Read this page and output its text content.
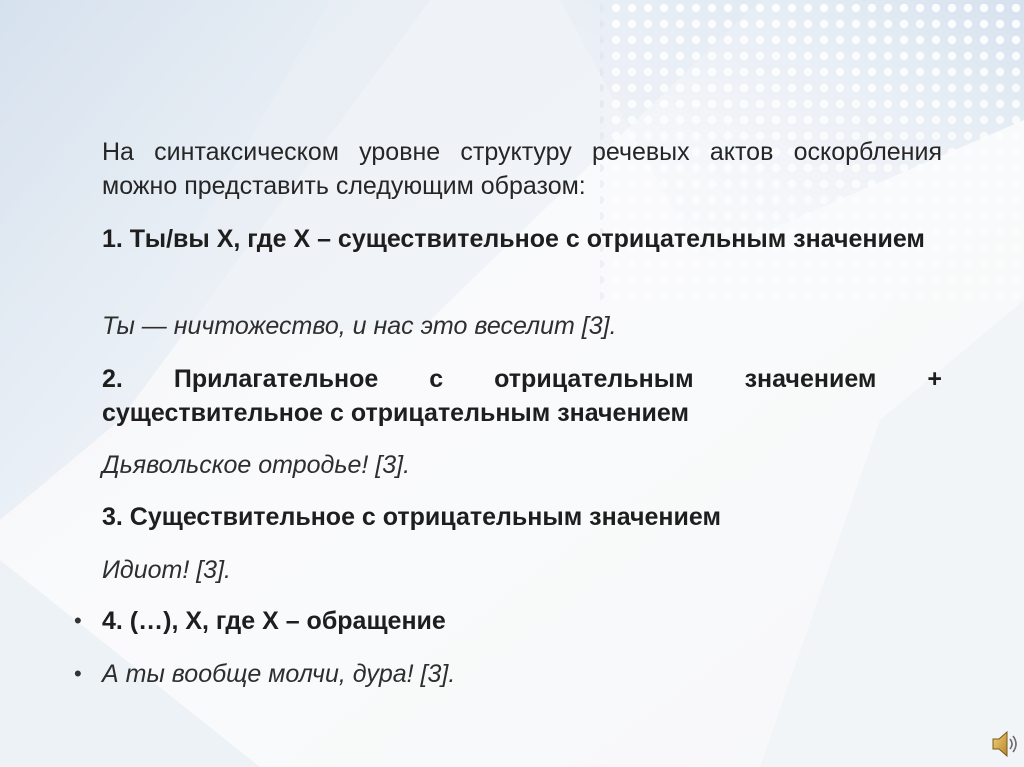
На синтаксическом уровне структуру речевых актов оскорбления можно представить следующим образом:

1. Ты/вы X, где X – существительное с отрицательным значением

Ты — ничтожество, и нас это веселит [3].

2. Прилагательное с отрицательным значением + существительное с отрицательным значением

Дьявольское отродье! [3].

3. Существительное с отрицательным значением

Идиот! [3].

• 4. (…), X, где X – обращение
• А ты вообще молчи, дура! [3].
